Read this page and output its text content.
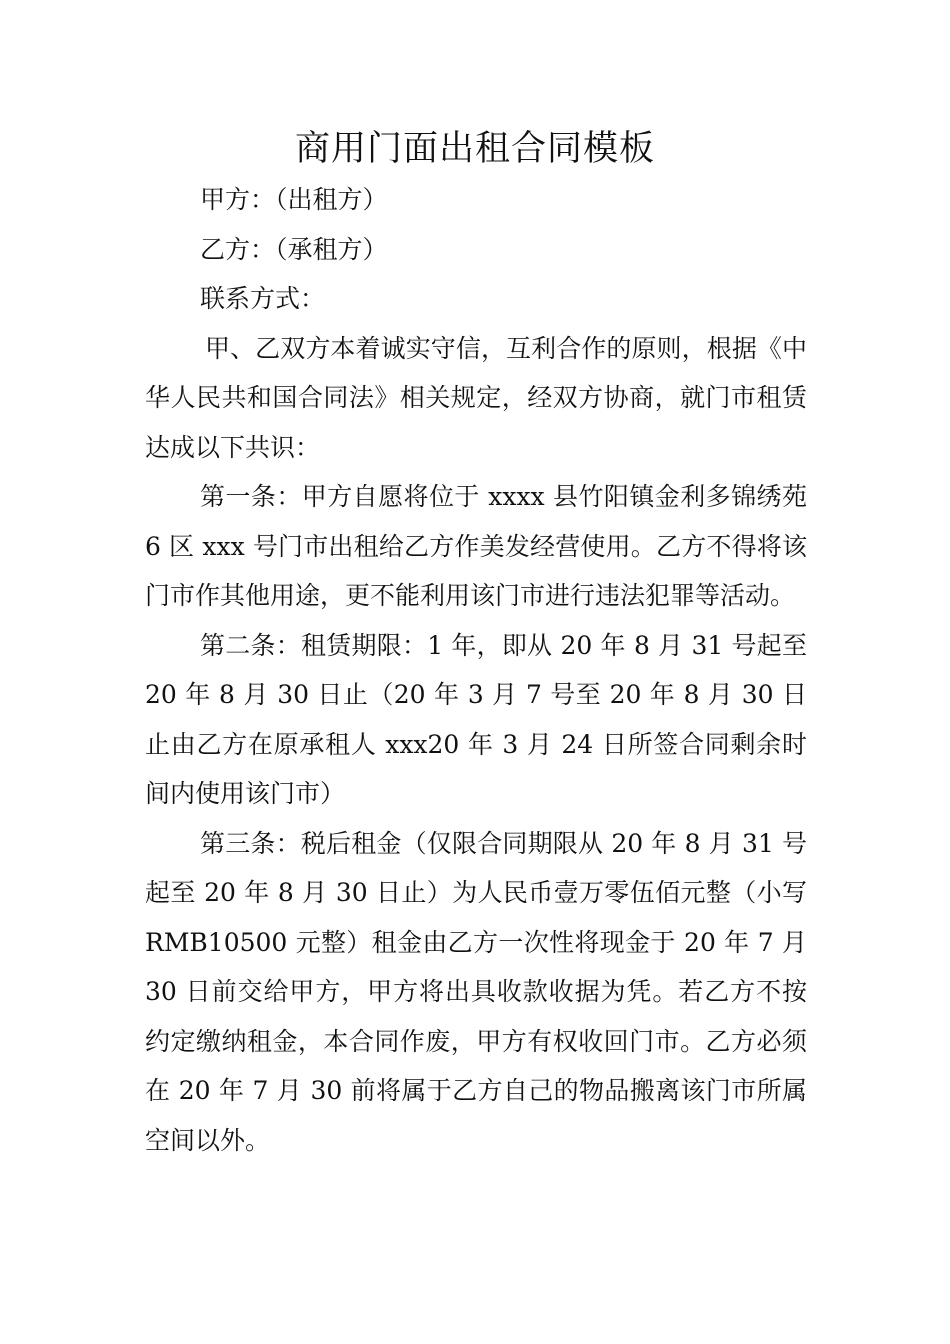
商用门面出租合同模板

甲方：（出租方）

乙方：（承租方）

联系方式：

甲、乙双方本着诚实守信，互利合作的原则，根据《中华人民共和国合同法》相关规定，经双方协商，就门市租赁达成以下共识：

第一条：甲方自愿将位于 xxxx 县竹阳镇金利多锦绣苑 6 区 xxx 号门市出租给乙方作美发经营使用。乙方不得将该门市作其他用途，更不能利用该门市进行违法犯罪等活动。

第二条：租赁期限：1 年，即从 20 年 8 月 31 号起至 20 年 8 月 30 日止（20 年 3 月 7 号至 20 年 8 月 30 日止由乙方在原承租人 xxx20 年 3 月 24 日所签合同剩余时间内使用该门市）

第三条：税后租金（仅限合同期限从 20 年 8 月 31 号起至 20 年 8 月 30 日止）为人民币壹万零伍佰元整（小写 RMB10500 元整）租金由乙方一次性将现金于 20 年 7 月 30 日前交给甲方，甲方将出具收款收据为凭。若乙方不按约定缴纳租金，本合同作废，甲方有权收回门市。乙方必须在 20 年 7 月 30 前将属于乙方自己的物品搬离该门市所属空间以外。
